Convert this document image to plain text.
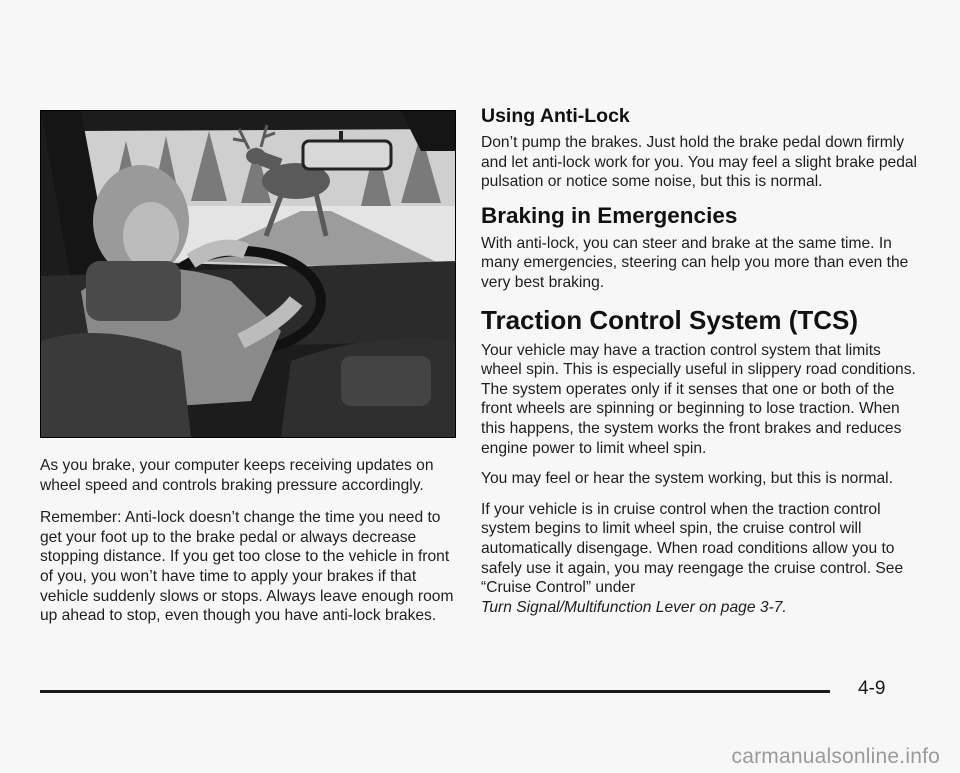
As you brake, your computer keeps receiving updates on wheel speed and controls braking pressure accordingly.

Remember: Anti-lock doesn’t change the time you need to get your foot up to the brake pedal or always decrease stopping distance. If you get too close to the vehicle in front of you, you won’t have time to apply your brakes if that vehicle suddenly slows or stops. Always leave enough room up ahead to stop, even though you have anti-lock brakes.

Using Anti-Lock

Don’t pump the brakes. Just hold the brake pedal down firmly and let anti-lock work for you. You may feel a slight brake pedal pulsation or notice some noise, but this is normal.

Braking in Emergencies

With anti-lock, you can steer and brake at the same time. In many emergencies, steering can help you more than even the very best braking.

Traction Control System (TCS)

Your vehicle may have a traction control system that limits wheel spin. This is especially useful in slippery road conditions. The system operates only if it senses that one or both of the front wheels are spinning or beginning to lose traction. When this happens, the system works the front brakes and reduces engine power to limit wheel spin.

You may feel or hear the system working, but this is normal.

If your vehicle is in cruise control when the traction control system begins to limit wheel spin, the cruise control will automatically disengage. When road conditions allow you to safely use it again, you may reengage the cruise control. See “Cruise Control” under
Turn Signal/Multifunction Lever on page 3-7.

4-9
carmanualsonline.info
